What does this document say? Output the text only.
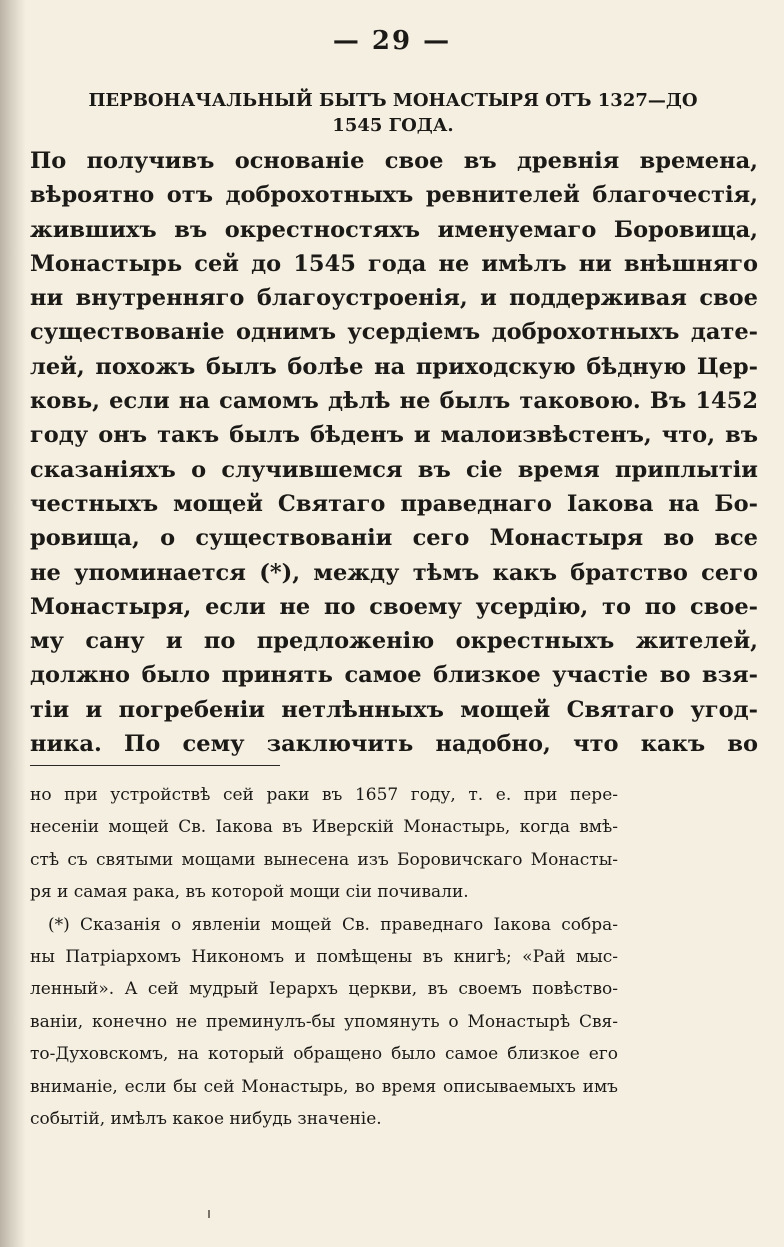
— 29 —
ПЕРВОНАЧАЛЬНЫЙ БЫТЪ МОНАСТЫРЯ ОТЪ 1327—ДО
1545 ГОДА.
По получивъ основаніе свое въ древнія времена,
вѣроятно отъ доброхотныхъ ревнителей благочестія,
жившихъ въ окрестностяхъ именуемаго Боровища,
Монастырь сей до 1545 года не имѣлъ ни внѣшняго
ни внутренняго благоустроенія, и поддерживая свое
существованіе однимъ усердіемъ доброхотныхъ дате-
лей, похожъ былъ болѣе на приходскую бѣдную Цер-
ковь, если на самомъ дѣлѣ не былъ таковою. Въ 1452
году онъ такъ былъ бѣденъ и малоизвѣстенъ, что, въ
сказаніяхъ о случившемся въ сіе время приплытіи
честныхъ мощей Святаго праведнаго Іакова на Бо-
ровища, о существованіи сего Монастыря во все
не упоминается (*), между тѣмъ какъ братство сего
Монастыря, если не по своему усердію, то по свое-
му сану и по предложенію окрестныхъ жителей,
должно было принять самое близкое участіе во взя-
тіи и погребеніи нетлѣнныхъ мощей Святаго угод-
ника. По сему заключить надобно, что какъ во
но при устройствѣ сей раки въ 1657 году, т. е. при пере-
несеніи мощей Св. Іакова въ Иверскій Монастырь, когда вмѣ-
стѣ съ святыми мощами вынесена изъ Боровичскаго Монасты-
ря и самая рака, въ которой мощи сіи почивали.
(*) Сказанія о явленіи мощей Св. праведнаго Іакова собра-
ны Патріархомъ Никономъ и помѣщены въ книгѣ; «Рай мыс-
ленный». А сей мудрый Іерархъ церкви, въ своемъ повѣство-
ваніи, конечно не преминулъ-бы упомянуть о Монастырѣ Свя-
то-Духовскомъ, на который обращено было самое близкое его
вниманіе, если бы сей Монастырь, во время описываемыхъ имъ
событій, имѣлъ какое нибудь значеніе.
